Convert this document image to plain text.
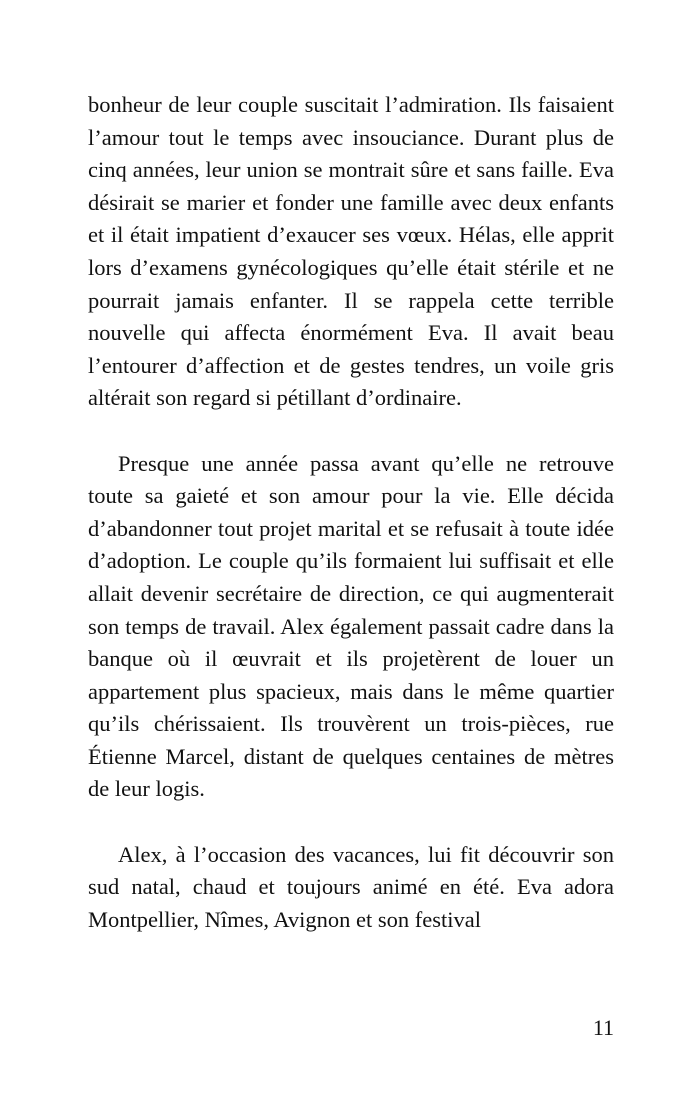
bonheur de leur couple suscitait l’admiration. Ils faisaient l’amour tout le temps avec insouciance. Durant plus de cinq années, leur union se montrait sûre et sans faille. Eva désirait se marier et fonder une famille avec deux enfants et il était impatient d’exaucer ses vœux. Hélas, elle apprit lors d’examens gynécologiques qu’elle était stérile et ne pourrait jamais enfanter. Il se rappela cette terrible nouvelle qui affecta énormément Eva. Il avait beau l’entourer d’affection et de gestes tendres, un voile gris altérait son regard si pétillant d’ordinaire.

Presque une année passa avant qu’elle ne retrouve toute sa gaieté et son amour pour la vie. Elle décida d’abandonner tout projet marital et se refusait à toute idée d’adoption. Le couple qu’ils formaient lui suffisait et elle allait devenir secrétaire de direction, ce qui augmenterait son temps de travail. Alex également passait cadre dans la banque où il œuvrait et ils projetèrent de louer un appartement plus spacieux, mais dans le même quartier qu’ils chérissaient. Ils trouvèrent un trois-pièces, rue Étienne Marcel, distant de quelques centaines de mètres de leur logis.

Alex, à l’occasion des vacances, lui fit découvrir son sud natal, chaud et toujours animé en été. Eva adora Montpellier, Nîmes, Avignon et son festival

11
